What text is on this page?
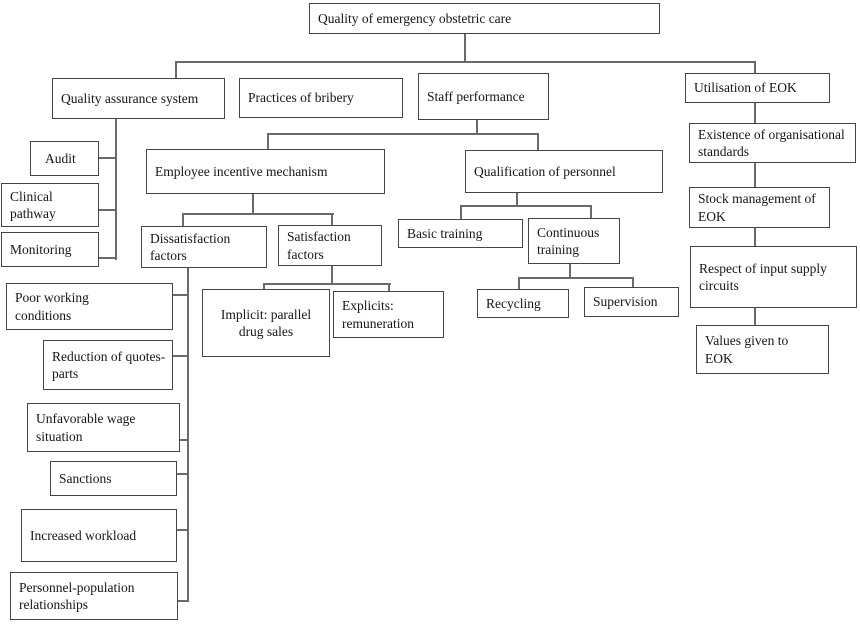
Quality of emergency obstetric care
Quality assurance system	Practices of bribery	Staff performance
Utilisation of EOK
Audit
Clinical pathway
Monitoring
Employee incentive mechanism	Qualification of personnel
Dissatisfaction factors
Satisfaction factors
Basic training	Continuous training
Recycling	Supervision
Existence of organisational standards
Stock management of EOK
Respect of input supply circuits
Values given to EOK
Poor working conditions
Reduction of quotes-parts
Unfavorable wage situation
Sanctions
Increased workload
Personnel-population relationships
Implicit: parallel drug sales
Explicits: remuneration
